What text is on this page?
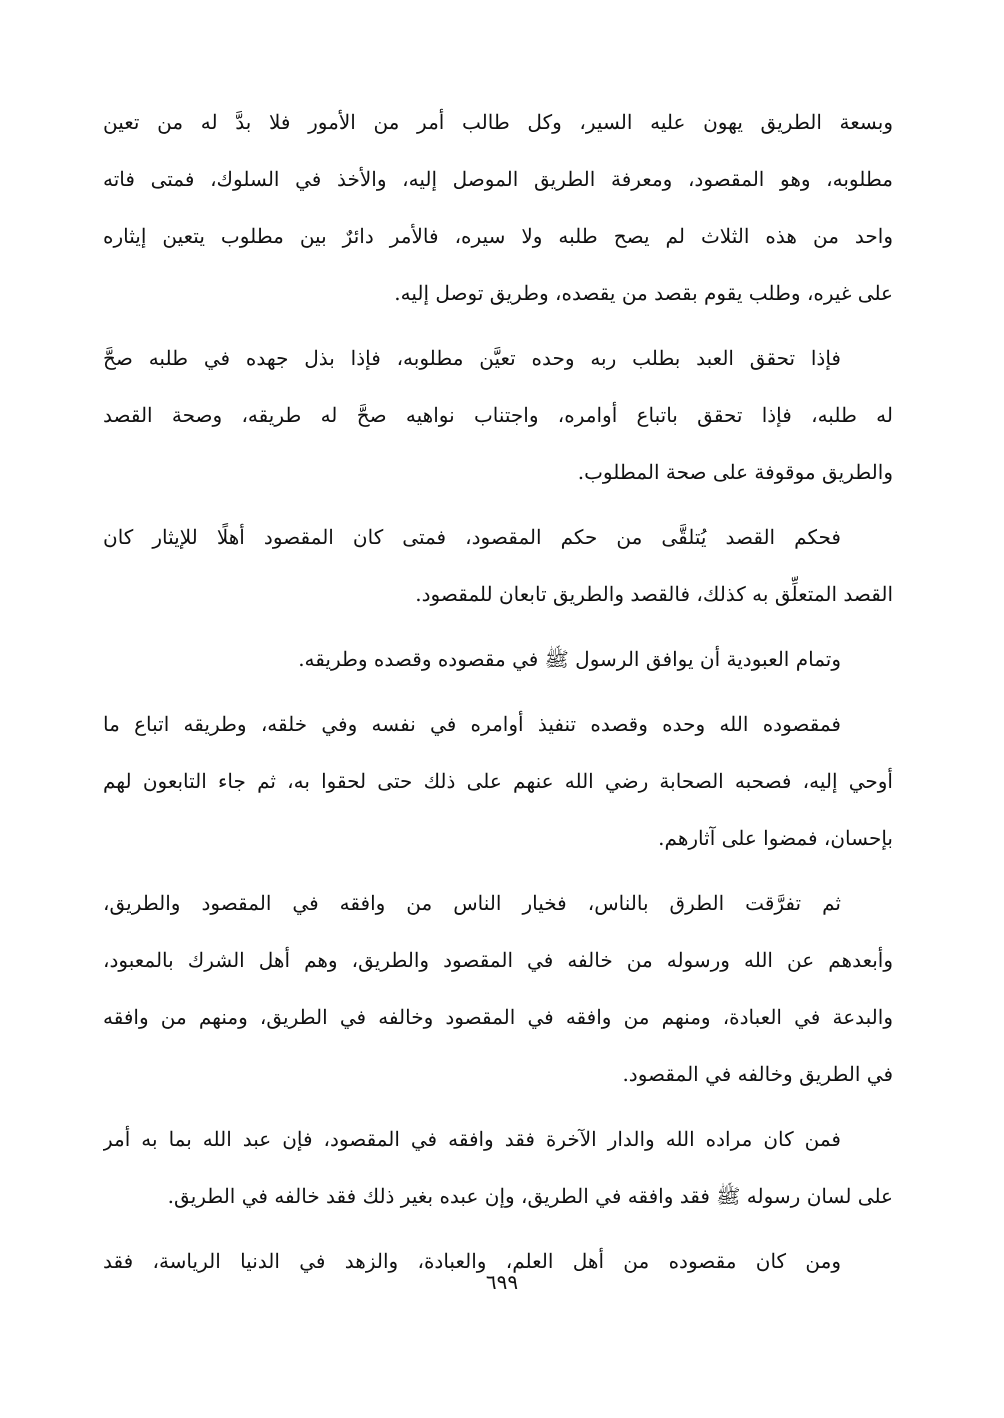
وبسعة الطريق يهون عليه السير، وكل طالب أمر من الأمور فلا بدَّ له من تعين
مطلوبه، وهو المقصود، ومعرفة الطريق الموصل إليه، والأخذ في السلوك، فمتى فاته
واحد من هذه الثلاث لم يصح طلبه ولا سيره، فالأمر دائرٌ بين مطلوب يتعين إيثاره
على غيره، وطلب يقوم بقصد من يقصده، وطريق توصل إليه.
فإذا تحقق العبد بطلب ربه وحده تعيَّن مطلوبه، فإذا بذل جهده في طلبه صحَّ
له طلبه، فإذا تحقق باتباع أوامره، واجتناب نواهيه صحَّ له طريقه، وصحة القصد
والطريق موقوفة على صحة المطلوب.
فحكم القصد يُتلقَّى من حكم المقصود، فمتى كان المقصود أهلًا للإيثار كان
القصد المتعلِّق به كذلك، فالقصد والطريق تابعان للمقصود.
وتمام العبودية أن يوافق الرسول ﷺ في مقصوده وقصده وطريقه.
فمقصوده الله وحده وقصده تنفيذ أوامره في نفسه وفي خلقه، وطريقه اتباع ما
أوحي إليه، فصحبه الصحابة رضي الله عنهم على ذلك حتى لحقوا به، ثم جاء التابعون لهم
بإحسان، فمضوا على آثارهم.
ثم تفرَّقت الطرق بالناس، فخيار الناس من وافقه في المقصود والطريق،
وأبعدهم عن الله ورسوله من خالفه في المقصود والطريق، وهم أهل الشرك بالمعبود،
والبدعة في العبادة، ومنهم من وافقه في المقصود وخالفه في الطريق، ومنهم من وافقه
في الطريق وخالفه في المقصود.
فمن كان مراده الله والدار الآخرة فقد وافقه في المقصود، فإن عبد الله بما به أمر
على لسان رسوله ﷺ فقد وافقه في الطريق، وإن عبده بغير ذلك فقد خالفه في الطريق.
ومن كان مقصوده من أهل العلم، والعبادة، والزهد في الدنيا الرياسة، فقد
٦٩٩
